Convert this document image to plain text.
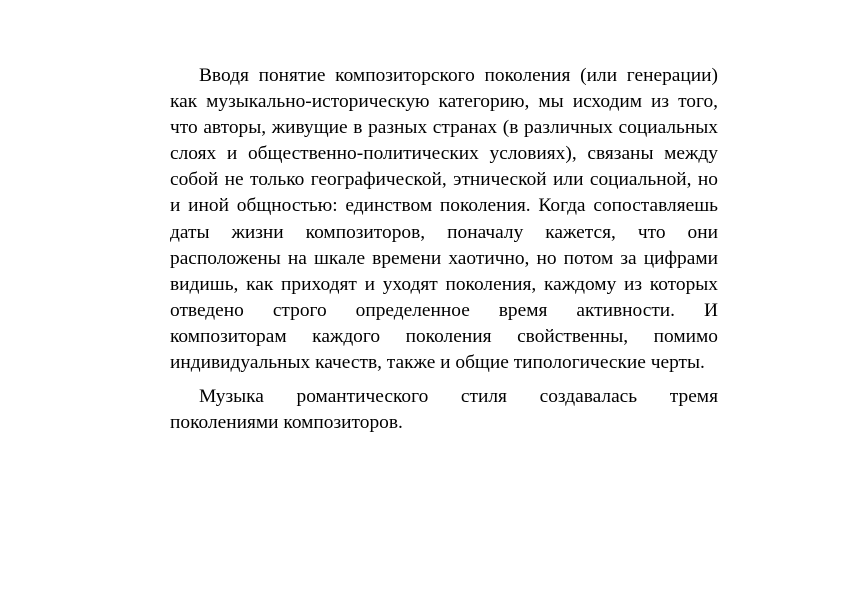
Вводя понятие композиторского поколения (или генерации) как музыкально-историческую категорию, мы исходим из того, что авторы, живущие в разных странах (в различных социальных слоях и общественно-политических условиях), связаны между собой не только географической, этнической или социальной, но и иной общностью: единством поколения. Когда сопоставляешь даты жизни композиторов, поначалу кажется, что они расположены на шкале времени хаотично, но потом за цифрами видишь, как приходят и уходят поколения, каждому из которых отведено строго определенное время активности. И композиторам каждого поколения свойственны, помимо индивидуальных качеств, также и общие типологические черты.

Музыка романтического стиля создавалась тремя поколениями композиторов.
